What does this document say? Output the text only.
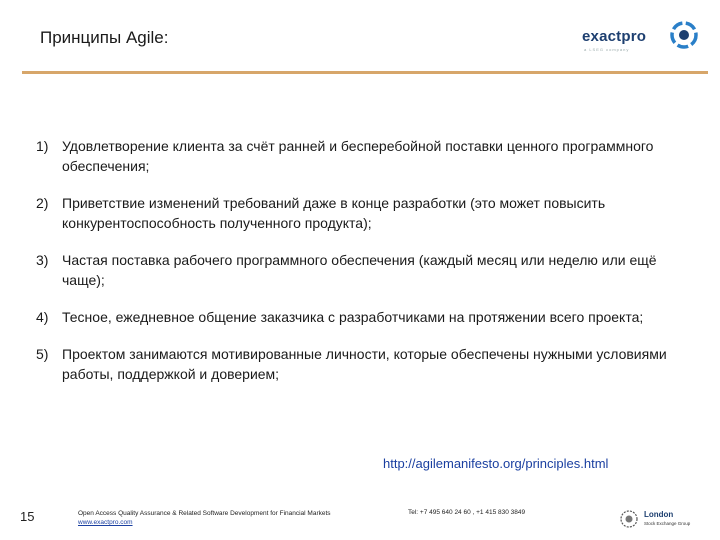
Принципы Agile:	exactpro
a LSEG company
1) Удовлетворение клиента за счёт ранней и бесперебойной поставки ценного программного обеспечения;
2) Приветствие изменений требований даже в конце разработки (это может повысить конкурентоспособность полученного продукта);
3) Частая поставка рабочего программного обеспечения (каждый месяц или неделю или ещё чаще);
4) Тесное, ежедневное общение заказчика с разработчиками на протяжении всего проекта;
5) Проектом занимаются мотивированные личности, которые обеспечены нужными условиями работы, поддержкой и доверием;
http://agilemanifesto.org/principles.html
15	Open Access Quality Assurance & Related Software Development for Financial Markets
www.exactpro.com
Tel: +7 495 640 24 60 , +1 415 830 3849	London
Stock Exchange Group
